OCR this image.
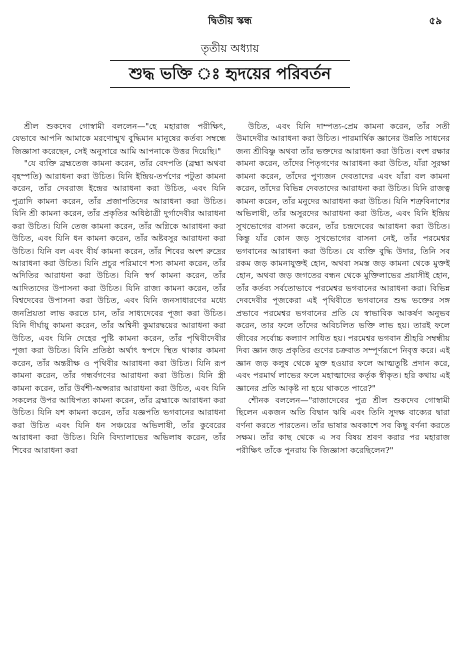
দ্বিতীয় স্কন্ধ	৫৯
তৃতীয় অধ্যায়
শুদ্ধ ভক্তি ঃ হৃদয়ের পরিবর্তন

শ্রীল শুকদেব গোস্বামী বললেন—"হে মহারাজ পরীক্ষিৎ, যেভাবে আপনি আমাকে মরণোন্মুখ বুদ্ধিমান মানুষের কর্তব্য সম্বন্ধে জিজ্ঞাসা করেছেন, সেই অনুসারে আমি আপনাকে উত্তর দিয়েছি।"

"যে ব্যক্তি ব্রহ্মতেজ কামনা করেন, তাঁর বেদপতি (ব্রহ্মা অথবা বৃহস্পতি) আরাধনা করা উচিত। যিনি ইন্দ্রিয়-তর্পণের পটুতা কামনা করেন, তাঁর দেবরাজ ইন্দ্রের আরাধনা করা উচিত, এবং যিনি পুত্রাদি কামনা করেন, তাঁর প্রজাপতিদের আরাধনা করা উচিত। যিনি শ্রী কামনা করেন, তাঁর প্রকৃতির অধিষ্ঠাত্রী দুর্গাদেবীর আরাধনা করা উচিত। যিনি তেজ কামনা করেন, তাঁর অগ্নিকে আরাধনা করা উচিত, এবং যিনি ধন কামনা করেন, তাঁর অষ্টবসুর আরাধনা করা উচিত। যিনি বল এবং বীর্য কামনা করেন, তাঁর শিবের অংশ রুদ্রের আরাধনা করা উচিত। যিনি প্রচুর পরিমাণে শস্য কামনা করেন, তাঁর অদিতির আরাধনা করা উচিত। যিনি স্বর্গ কামনা করেন, তাঁর আদিত্যদের উপাসনা করা উচিত। যিনি রাজ্য কামনা করেন, তাঁর বিশ্বদেবের উপাসনা করা উচিত, এবং যিনি জনসাধারণের মধ্যে জনপ্রিয়তা লাভ করতে চান, তাঁর সাধ্যদেবের পূজা করা উচিত। যিনি দীর্ঘায়ু কামনা করেন, তাঁর অশ্বিনী কুমারদ্বয়ের আরাধনা করা উচিত, এবং যিনি দেহের পুষ্টি কামনা করেন, তাঁর পৃথিবীদেবীর পূজা করা উচিত। যিনি প্রতিষ্ঠা অর্থাৎ স্বপদে স্থিত থাকার কামনা করেন, তাঁর অন্তরীক্ষ ও পৃথিবীর আরাধনা করা উচিত। যিনি রূপ কামনা করেন, তাঁর গন্ধর্বগণের আরাধনা করা উচিত। যিনি স্ত্রী কামনা করেন, তাঁর উর্বশী-অপ্সরার আরাধনা করা উচিত, এবং যিনি সকলের উপর আধিপত্য কামনা করেন, তাঁর ব্রহ্মাকে আরাধনা করা উচিত। যিনি যশ কামনা করেন, তাঁর যজ্ঞপতি ভগবানের আরাধনা করা উচিত এবং যিনি ধন সঞ্চয়ের অভিলাষী, তাঁর কুবেরের আরাধনা করা উচিত। যিনি বিদ্যালাভের অভিলাষ করেন, তাঁর শিবের আরাধনা করা

উচিত, এবং যিনি দাম্পত্য-প্রেম কামনা করেন, তাঁর সতী উমাদেবীর আরাধনা করা উচিত। পারমার্থিক জ্ঞানের উন্নতি সাধনের জন্য শ্রীবিষ্ণু অথবা তাঁর ভক্তদের আরাধনা করা উচিত। বংশ রক্ষার কামনা করেন, তাঁদের পিতৃগণের আরাধনা করা উচিত, যাঁরা সুরক্ষা কামনা করেন, তাঁদের পুণ্যজন দেবতাদের এবং যাঁরা বল কামনা করেন, তাঁদের বিভিন্ন দেবতাদের আরাধনা করা উচিত। যিনি রাজত্ব কামনা করেন, তাঁর মনুদের আরাধনা করা উচিত। যিনি শত্রুবিনাশের অভিলাষী, তাঁর অসুরদের আরাধনা করা উচিত, এবং যিনি ইন্দ্রিয় সুখভোগের বাসনা করেন, তাঁর চন্দ্রদেবের আরাধনা করা উচিত। কিন্তু যাঁর কোন জড় সুখভোগের বাসনা নেই, তাঁর পরমেশ্বর ভগবানের আরাধনা করা উচিত। যে ব্যক্তি বুদ্ধি উদার, তিনি সব রকম জড় কামনাযুক্তই হোন, অথবা সমস্ত জড় কামনা থেকে মুক্তই হোন, অথবা জড় জগতের বন্ধন থেকে মুক্তিলাভের প্রয়াসীই হোন, তাঁর কর্তব্য সর্বতোভাবে পরমেশ্বর ভগবানের আরাধনা করা। বিভিন্ন দেবদেবীর পূজকেরা এই পৃথিবীতে ভগবানের শুদ্ধ ভক্তের সঙ্গ প্রভাবে পরমেশ্বর ভগবানের প্রতি যে স্বাভাবিক আকর্ষণ অনুভব করেন, তার ফলে তাঁদের অবিচলিত ভক্তি লাভ হয়। তারই ফলে জীবের সর্বোচ্চ কল্যাণ সাধিত হয়। পরমেশ্বর ভগবান শ্রীহরি সম্বন্ধীয় দিব্য জ্ঞান জড় প্রকৃতির গুণের চক্রবাত সম্পূর্ণরূপে নিবৃত্ত করে। এই জ্ঞান জড় কলুষ থেকে মুক্ত হওয়ার ফলে আত্মতুষ্টি প্রদান করে, এবং পরমার্থ লাভের ফলে মহাত্মাদের কর্তৃক স্বীকৃত। হরি কথায় এই জ্ঞানের প্রতি আকৃষ্ট না হয়ে থাকতে পারে?"

শৌনক বললেন—"রাজাদেবের পুত্র শ্রীল শুকদেব গোস্বামী ছিলেন একজন অতি বিদ্বান ঋষি এবং তিনি সুদক্ষ বাক্যের দ্বারা বর্ণনা করতে পারতেন। তাঁর ভাষার অবকাশে সব কিছু বর্ণনা করতে সক্ষম। তাঁর কাছ থেকে এ সব বিষয় শ্রবণ করার পর মহারাজ পরীক্ষিৎ তাঁকে পুনরায় কি জিজ্ঞাসা করেছিলেন?"
